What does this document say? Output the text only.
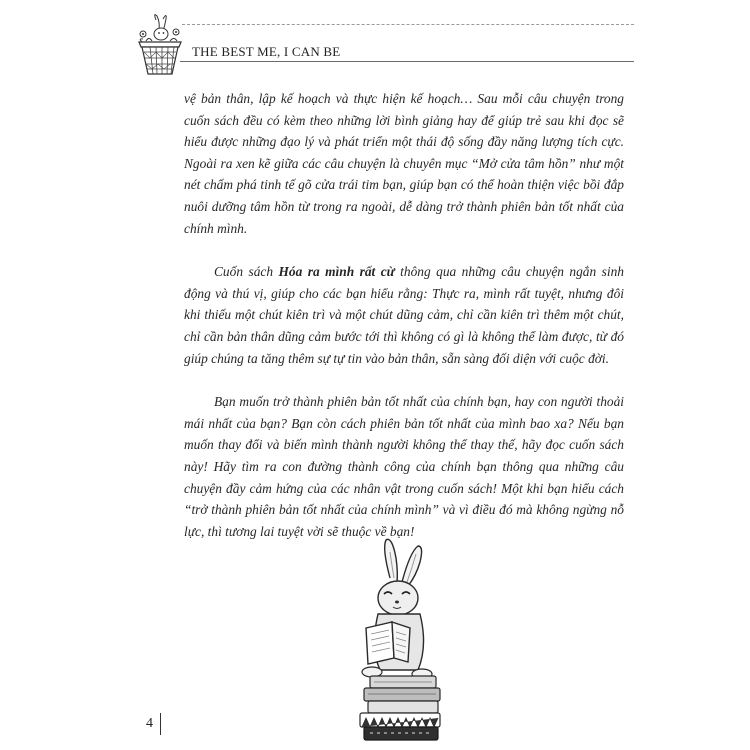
THE BEST ME, I CAN BE

vệ bản thân, lập kế hoạch và thực hiện kế hoạch… Sau mỗi câu chuyện trong cuốn sách đều có kèm theo những lời bình giảng hay để giúp trẻ sau khi đọc sẽ hiểu được những đạo lý và phát triển một thái độ sống đầy năng lượng tích cực. Ngoài ra xen kẽ giữa các câu chuyện là chuyên mục “Mở cửa tâm hồn” như một nét chấm phá tinh tế gõ cửa trái tim bạn, giúp bạn có thể hoàn thiện việc bồi đắp nuôi dưỡng tâm hồn từ trong ra ngoài, dễ dàng trở thành phiên bản tốt nhất của chính mình.

Cuốn sách Hóa ra mình rất cừ thông qua những câu chuyện ngắn sinh động và thú vị, giúp cho các bạn hiểu rằng: Thực ra, mình rất tuyệt, nhưng đôi khi thiếu một chút kiên trì và một chút dũng cảm, chỉ cần kiên trì thêm một chút, chỉ cần bản thân dũng cảm bước tới thì không có gì là không thể làm được, từ đó giúp chúng ta tăng thêm sự tự tin vào bản thân, sẵn sàng đối diện với cuộc đời.

Bạn muốn trở thành phiên bản tốt nhất của chính bạn, hay con người thoải mái nhất của bạn? Bạn còn cách phiên bản tốt nhất của mình bao xa? Nếu bạn muốn thay đổi và biến mình thành người không thể thay thế, hãy đọc cuốn sách này! Hãy tìm ra con đường thành công của chính bạn thông qua những câu chuyện đầy cảm hứng của các nhân vật trong cuốn sách! Một khi bạn hiểu cách “trở thành phiên bản tốt nhất của chính mình” và vì điều đó mà không ngừng nỗ lực, thì tương lai tuyệt vời sẽ thuộc về bạn!

4
